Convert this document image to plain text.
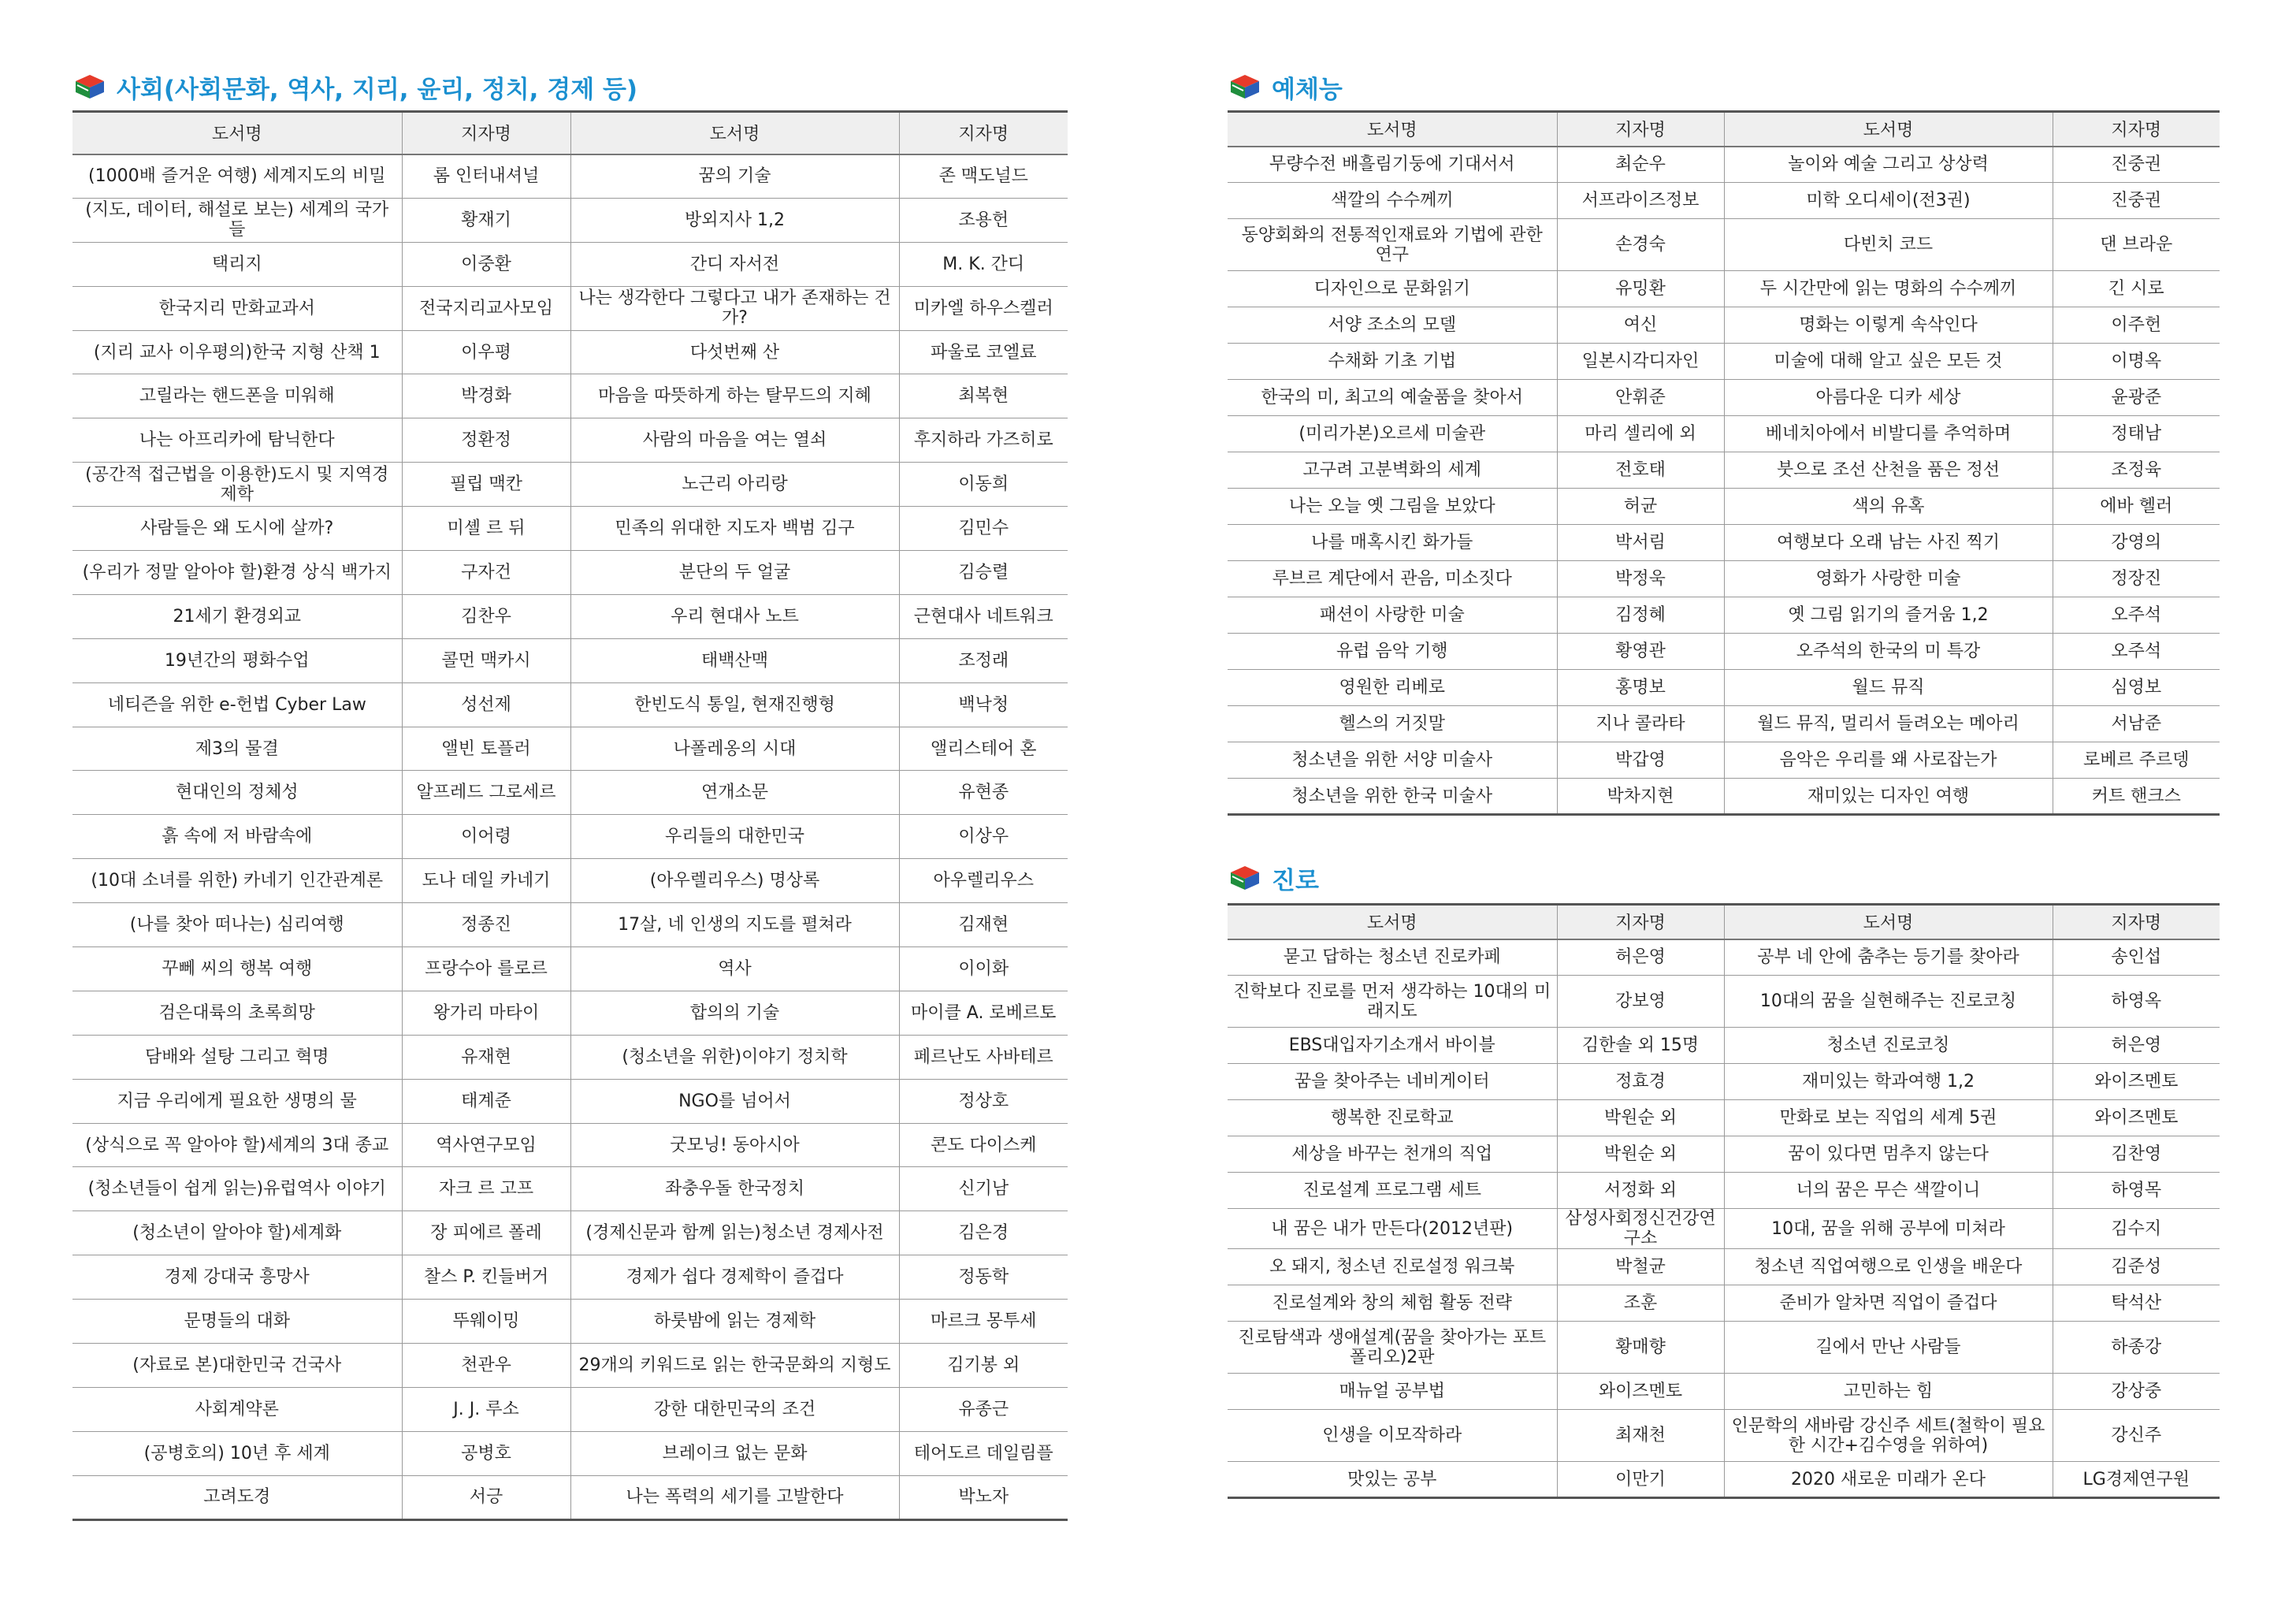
사회(사회문화, 역사, 지리, 윤리, 정치, 경제 등)
도서명	지자명	도서명	지자명
(1000배 즐거운 여행) 세계지도의 비밀	롬 인터내셔널	꿈의 기술	존 맥도널드
(지도, 데이터, 해설로 보는) 세계의 국가들	황재기	방외지사 1,2	조용헌
택리지	이중환	간디 자서전	M. K. 간디
한국지리 만화교과서	전국지리교사모임	나는 생각한다 그렇다고 내가 존재하는 건가?	미카엘 하우스켈러
(지리 교사 이우평의)한국 지형 산책 1	이우평	다섯번째 산	파울로 코엘료
고릴라는 핸드폰을 미워해	박경화	마음을 따뜻하게 하는 탈무드의 지혜	최복현
나는 아프리카에 탐닉한다	정환정	사람의 마음을 여는 열쇠	후지하라 가즈히로
(공간적 접근법을 이용한)도시 및 지역경제학	필립 맥칸	노근리 아리랑	이동희
사람들은 왜 도시에 살까?	미셸 르 뒤	민족의 위대한 지도자 백범 김구	김민수
(우리가 정말 알아야 할)환경 상식 백가지	구자건	분단의 두 얼굴	김승렬
21세기 환경외교	김찬우	우리 현대사 노트	근현대사 네트워크
19년간의 평화수업	콜먼 맥카시	태백산맥	조정래
네티즌을 위한 e-헌법 Cyber Law	성선제	한빈도식 통일, 현재진행형	백낙청
제3의 물결	앨빈 토플러	나폴레옹의 시대	앨리스테어 혼
현대인의 정체성	알프레드 그로세르	연개소문	유현종
흙 속에 저 바람속에	이어령	우리들의 대한민국	이상우
(10대 소녀를 위한) 카네기 인간관계론	도나 데일 카네기	(아우렐리우스) 명상록	아우렐리우스
(나를 찾아 떠나는) 심리여행	정종진	17살, 네 인생의 지도를 펼쳐라	김재현
꾸뻬 씨의 행복 여행	프랑수아 를로르	역사	이이화
검은대륙의 초록희망	왕가리 마타이	합의의 기술	마이클 A. 로베르토
담배와 설탕 그리고 혁명	유재현	(청소년을 위한)이야기 정치학	페르난도 사바테르
지금 우리에게 필요한 생명의 물	태계준	NGO를 넘어서	정상호
(상식으로 꼭 알아야 할)세계의 3대 종교	역사연구모임	굿모닝! 동아시아	콘도 다이스케
(청소년들이 쉽게 읽는)유럽역사 이야기	자크 르 고프	좌충우돌 한국정치	신기남
(청소년이 알아야 할)세계화	장 피에르 폴레	(경제신문과 함께 읽는)청소년 경제사전	김은경
경제 강대국 흥망사	찰스 P. 킨들버거	경제가 쉽다 경제학이 즐겁다	정동학
문명들의 대화	뚜웨이밍	하룻밤에 읽는 경제학	마르크 몽투세
(자료로 본)대한민국 건국사	천관우	29개의 키워드로 읽는 한국문화의 지형도	김기봉 외
사회계약론	J. J. 루소	강한 대한민국의 조건	유종근
(공병호의) 10년 후 세계	공병호	브레이크 없는 문화	테어도르 데일림플
고려도경	서긍	나는 폭력의 세기를 고발한다	박노자
예체능
도서명	지자명	도서명	지자명
무량수전 배흘림기둥에 기대서서	최순우	놀이와 예술 그리고 상상력	진중권
색깔의 수수께끼	서프라이즈정보	미학 오디세이(전3권)	진중권
동양회화의 전통적인재료와 기법에 관한 연구	손경숙	다빈치 코드	댄 브라운
디자인으로 문화읽기	유밍환	두 시간만에 읽는 명화의 수수께끼	긴 시로
서양 조소의 모델	여신	명화는 이렇게 속삭인다	이주헌
수채화 기초 기법	일본시각디자인	미술에 대해 알고 싶은 모든 것	이명옥
한국의 미, 최고의 예술품을 찾아서	안휘준	아름다운 디카 세상	윤광준
(미리가본)오르세 미술관	마리 셀리에 외	베네치아에서 비발디를 추억하며	정태남
고구려 고분벽화의 세계	전호태	붓으로 조선 산천을 품은 정선	조정육
나는 오늘 옛 그림을 보았다	허균	색의 유혹	에바 헬러
나를 매혹시킨 화가들	박서림	여행보다 오래 남는 사진 찍기	강영의
루브르 계단에서 관음, 미소짓다	박정욱	영화가 사랑한 미술	정장진
패션이 사랑한 미술	김정혜	옛 그림 읽기의 즐거움 1,2	오주석
유럽 음악 기행	황영관	오주석의 한국의 미 특강	오주석
영원한 리베로	홍명보	월드 뮤직	심영보
헬스의 거짓말	지나 콜라타	월드 뮤직, 멀리서 들려오는 메아리	서남준
청소년을 위한 서양 미술사	박갑영	음악은 우리를 왜 사로잡는가	로베르 주르뎅
청소년을 위한 한국 미술사	박차지현	재미있는 디자인 여행	커트 핸크스
진로
도서명	지자명	도서명	지자명
묻고 답하는 청소년 진로카페	허은영	공부 네 안에 춤추는 등기를 찾아라	송인섭
진학보다 진로를 먼저 생각하는 10대의 미래지도	강보영	10대의 꿈을 실현해주는 진로코칭	하영옥
EBS대입자기소개서 바이블	김한솔 외 15명	청소년 진로코칭	허은영
꿈을 찾아주는 네비게이터	정효경	재미있는 학과여행 1,2	와이즈멘토
행복한 진로학교	박원순 외	만화로 보는 직업의 세계 5권	와이즈멘토
세상을 바꾸는 천개의 직업	박원순 외	꿈이 있다면 멈추지 않는다	김찬영
진로설계 프로그램 세트	서정화 외	너의 꿈은 무슨 색깔이니	하영목
내 꿈은 내가 만든다(2012년판)	삼성사회정신건강연구소	10대, 꿈을 위해 공부에 미쳐라	김수지
오 돼지, 청소년 진로설정 워크북	박철균	청소년 직업여행으로 인생을 배운다	김준성
진로설계와 창의 체험 활동 전략	조훈	준비가 알차면 직업이 즐겁다	탁석산
진로탐색과 생애설계(꿈을 찾아가는 포트폴리오)2판	황매향	길에서 만난 사람들	하종강
매뉴얼 공부법	와이즈멘토	고민하는 힘	강상중
인생을 이모작하라	최재천	인문학의 새바람 강신주 세트(철학이 필요한 시간+김수영을 위하여)	강신주
맛있는 공부	이만기	2020 새로운 미래가 온다	LG경제연구원
